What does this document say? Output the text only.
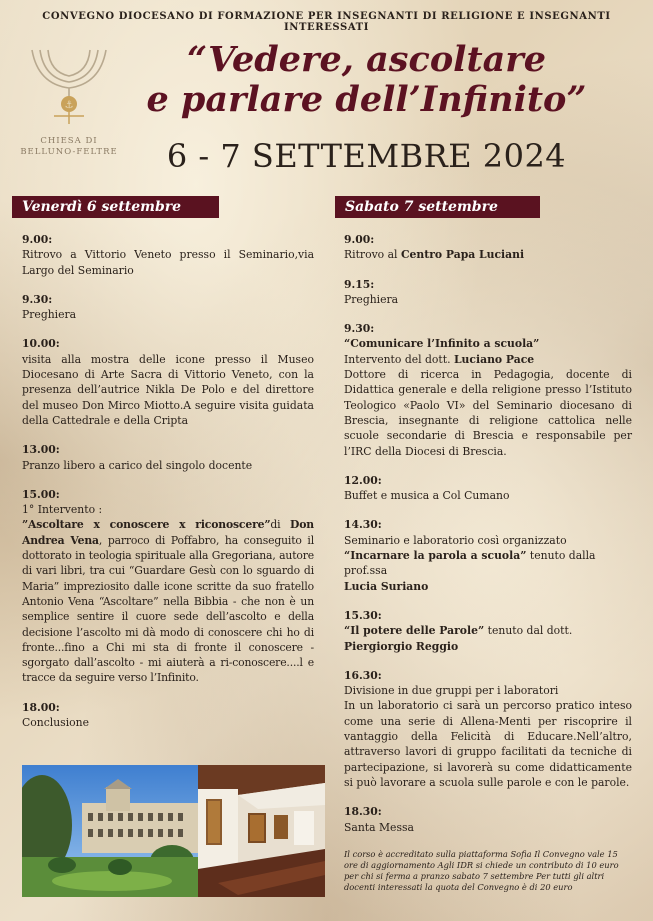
CONVEGNO DIOCESANO DI FORMAZIONE PER INSEGNANTI DI RELIGIONE E INSEGNANTI INTERESSATI
⚓
CHIESA DI
BELLUNO-FELTRE
“Vedere, ascoltare
e parlare dell’Infinito”
6 - 7 SETTEMBRE 2024
Venerdì 6 settembre
9.00:

Ritrovo a Vittorio Veneto presso il Seminario,via Largo del Seminario

9.30:

Preghiera

10.00:

visita alla mostra delle icone presso il Museo Diocesano di Arte Sacra di Vittorio Veneto, con la presenza dell’autrice Nikla De Polo e del direttore del museo Don Mirco Miotto.A seguire visita guidata della Cattedrale e della Cripta

13.00:

Pranzo libero a carico del singolo docente

15.00:

1° Intervento :

”Ascoltare x conoscere x riconoscere”di Don Andrea Vena, parroco di Poffabro, ha conseguito il dottorato in teologia spirituale alla Gregoriana, autore di vari libri, tra cui “Guardare Gesù con lo sguardo di Maria” impreziosito dalle icone scritte da suo fratello Antonio Vena “Ascoltare” nella Bibbia - che non è un semplice sentire il cuore sede dell’ascolto e della decisione l’ascolto mi dà modo di conoscere chi ho di fronte...fino a Chi mi sta di fronte il conoscere - sgorgato dall’ascolto - mi aiuterà a ri-conoscere....l e tracce da seguire verso l’Infinito.

18.00:

Conclusione

Sabato 7 settembre
9.00:

Ritrovo al Centro Papa Luciani

9.15:

Preghiera

9.30:

“Comunicare l’Infinito a scuola”

Intervento del dott. Luciano Pace

Dottore di ricerca in Pedagogia, docente di Didattica generale e della religione presso l’Istituto Teologico «Paolo VI» del Seminario diocesano di Brescia, insegnante di religione cattolica nelle scuole secondarie di Brescia e responsabile per l’IRC della Diocesi di Brescia.

12.00:

Buffet e musica a Col Cumano

14.30:

Seminario e laboratorio così organizzato

“Incarnare la parola a scuola” tenuto dalla prof.ssa

Lucia Suriano

15.30:

“Il potere delle Parole” tenuto dal dott. Piergiorgio Reggio

16.30:

Divisione in due gruppi per i laboratori

In un laboratorio ci sarà un percorso pratico inteso come una serie di Allena-Menti per riscoprire il vantaggio della Felicità di Educare.Nell’altro, attraverso lavori di gruppo facilitati da tecniche di partecipazione, si lavorerà su come didatticamente si può lavorare a scuola sulle parole e con le parole.

18.30:

Santa Messa

Il corso è accreditato sulla piattaforma Sofia Il Convegno vale 15 ore di aggiornamento Agli IDR si chiede un contributo di 10 euro per chi si ferma a pranzo sabato 7 settembre Per tutti gli altri docenti interessati la quota del Convegno è di 20 euro
